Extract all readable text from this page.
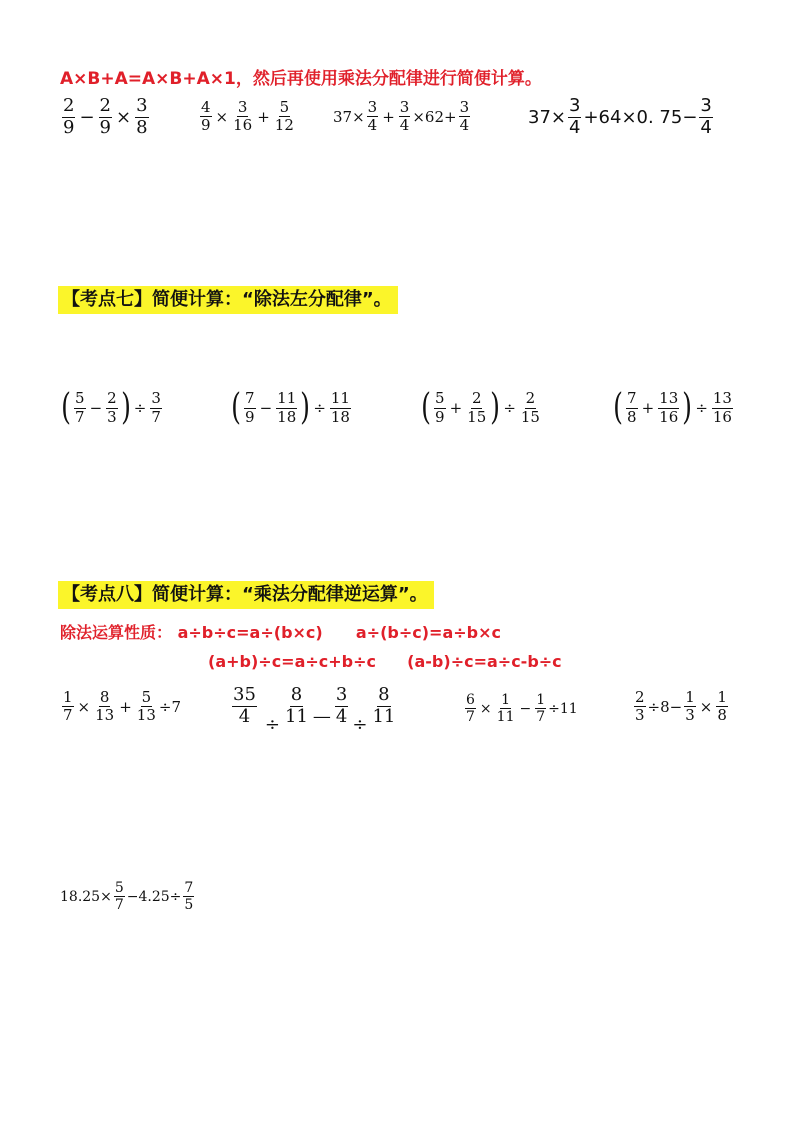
A×B+A=A×B+A×1，然后再使用乘法分配律进行简便计算。
$\frac{2}{9} - \frac{2}{9} \times \frac{3}{8}$	$\frac{4}{9} \times \frac{3}{16} + \frac{5}{12}$	$37\times \frac{3}{4} + \frac{3}{4} \times 62+ \frac{3}{4}$	$37\times \frac{3}{4} +64\times 0$. $75- \frac{3}{4}$
【考点七】简便计算：“除法左分配律”。
( $\frac{5}{7} - \frac{2}{3}$ ) ÷ $\frac{3}{7}$ ( $\frac{7}{9} - \frac{11}{18}$ ) ÷ $\frac{11}{18}$ ( $\frac{5}{9} + \frac{2}{15}$ ) ÷ $\frac{2}{15}$ ( $\frac{7}{8} + \frac{13}{16}$ ) ÷ $\frac{13}{16}$
【考点八】简便计算：“乘法分配律逆运算”。
除法运算性质： a÷b÷c=a÷(b×c) a÷(b÷c)=a÷b×c
(a+b)÷c=a÷c+b÷c (a-b)÷c=a÷c-b÷c
$\frac{1}{7} \times \frac{8}{13} + \frac{5}{13} \div 7$	$\frac{35}{4} \div \frac{8}{11}$ — $\frac{3}{4} \div \frac{8}{11}$	$\frac{6}{7} \times \frac{1}{11} - \frac{1}{7} \div 11$	$\frac{2}{3} \div 8- \frac{1}{3} \times \frac{1}{8}$
$18.25\times \frac{5}{7} -4.25\div \frac{7}{5}$
